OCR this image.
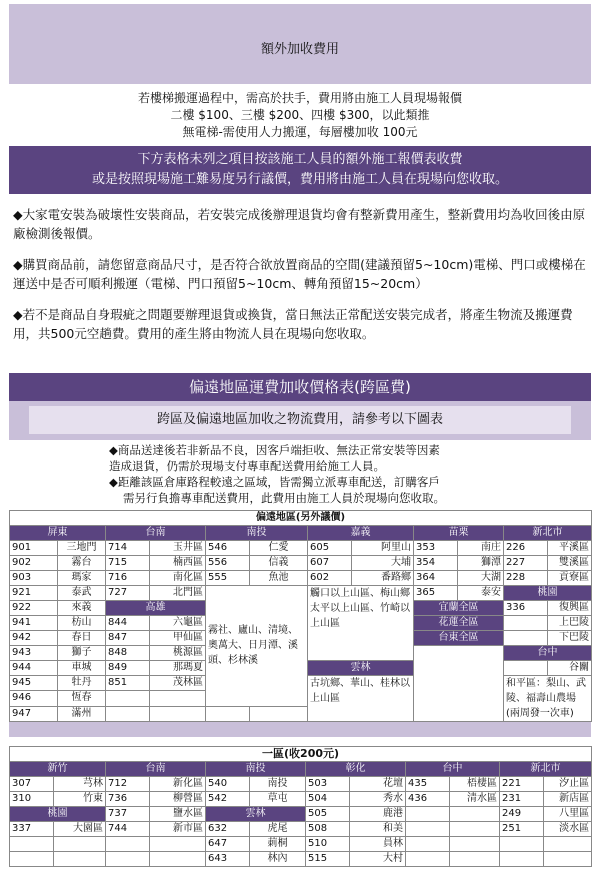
額外加收費用
若樓梯搬運過程中，需高於扶手，費用將由施工人員現場報價
二樓 $100、三樓 $200、四樓 $300，以此類推
無電梯-需使用人力搬運，每層樓加收 100元
下方表格未列之項目按該施工人員的額外施工報價表收費
或是按照現場施工難易度另行議價，費用將由施工人員在現場向您收取。

◆大家電安裝為破壞性安裝商品，若安裝完成後辦理退貨均會有整新費用產生，整新費用均為收回後由原廠檢測後報價。

◆購買商品前，請您留意商品尺寸，是否符合欲放置商品的空間(建議預留5~10cm)電梯、門口或樓梯在運送中是否可順利搬運（電梯、門口預留5~10cm、轉角預留15~20cm）

◆若不是商品自身瑕疵之問題要辦理退貨或換貨，當日無法正常配送安裝完成者，將產生物流及搬運費用，共500元空趟費。費用的產生將由物流人員在現場向您收取。

偏遠地區運費加收價格表(跨區費)
跨區及偏遠地區加收之物流費用，請參考以下圖表
◆商品送達後若非新品不良，因客戶端拒收、無法正常安裝等因素
造成退貨，仍需於現場支付專車配送費用給施工人員。
◆距離該區倉庫路程較遠之區域，皆需獨立派專車配送，訂購客戶
需另行負擔專車配送費用，此費用由施工人員於現場向您收取。
偏遠地區(另外議價)												
屏東		台南		南投		嘉義		苗栗		新北市		
901	三地門	714	玉井區	546	仁愛	605	阿里山	353	南庄	226	平溪區	
902	霧台	715	楠西區	556	信義	607	大埔	354	獅潭	227	雙溪區	
903	瑪家	716	南化區	555	魚池	602	番路鄉	364	大湖	228	貢寮區	
921	泰武	727	北門區	霧社、廬山、清境、奧萬大、日月潭、溪頭、杉林溪		觸口以上山區、梅山鄉太平以上山區、竹崎以上山區		365	泰安	桃園		
922	來義	高雄						宜蘭全區		336	復興區	
941	枋山	844	六龜區					花蓮全區			上巴陵	
942	春日	847	甲仙區					台東全區			下巴陵	
943	獅子	848	桃源區							台中		
944	車城	849	那瑪夏			雲林					谷關	
945	牡丹	851	茂林區			古坑鄉、華山、桂林以上山區				和平區：梨山、武陵、福壽山農場
(兩周發一次車)		
946	恆春											
947	滿州											
一區(收200元)											
新竹		台南		南投		彰化		台中		新北市	
307	芎林	712	新化區	540	南投	503	花壇	435	梧棲區	221	汐止區
310	竹東	736	柳營區	542	草屯	504	秀水	436	清水區	231	新店區
桃園		737	鹽水區	雲林		505	鹿港			249	八里區
337	大園區	744	新市區	632	虎尾	508	和美			251	淡水區
				647	莿桐	510	員林				
				643	林內	515	大村				
